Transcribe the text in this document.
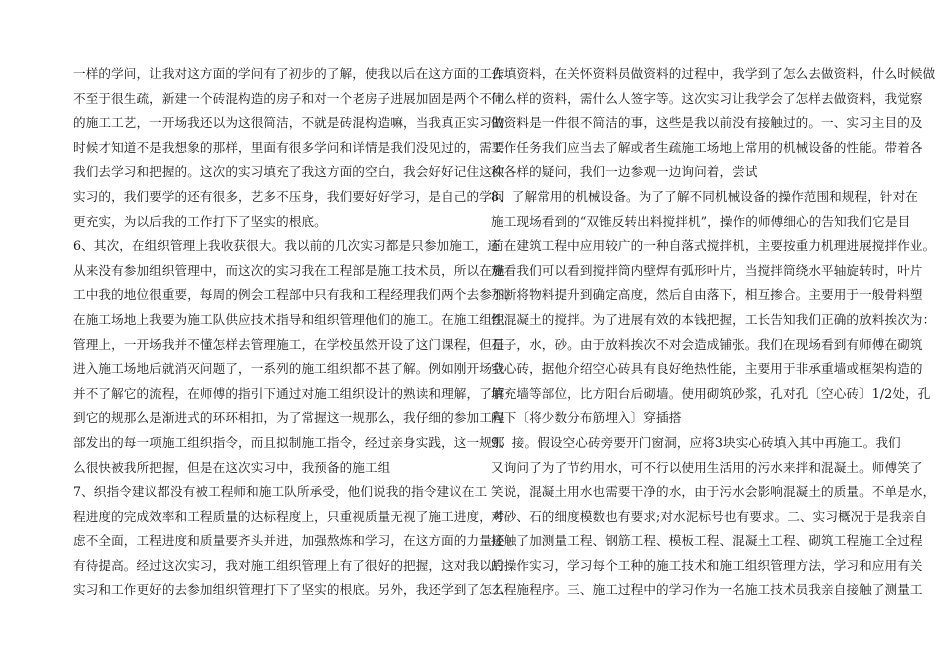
一样的学问，让我对这方面的学问有了初步的了解，使我以后在这方面的工作
不至于很生疏，新建一个砖混构造的房子和对一个老房子进展加固是两个不同
的施工工艺，一开场我还以为这很简洁，不就是砖混构造嘛，当我真正实习的
时候才知道不是我想象的那样，里面有很多学问和详情是我们没见过的，需要
我们去学习和把握的。这次的实习填充了我这方面的空白，我会好好记住这次
实习的，我们要学的还有很多，艺多不压身，我们要好好学习，是自己的学问
更充实，为以后我的工作打下了坚实的根底。
6、其次，在组织管理上我收获很大。我以前的几次实习都是只参加施工，还
从来没有参加组织管理中，而这次的实习我在工程部是施工技术员，所以在施
工中我的地位很重要，每周的例会工程部中只有我和工程经理我们两个去参加，
在施工场地上我要为施工队供应技术指导和组织管理他们的施工。在施工组织
管理上，一开场我并不懂怎样去管理施工，在学校虽然开设了这门课程，但是
进入施工场地后就消灭问题了，一系列的施工组织都不甚了解。例如刚开场我
并不了解它的流程，在师傅的指引下通过对施工组织设计的熟读和理解，了解
到它的规那么是渐进式的环环相扣，为了常握这一规那么，我仔细的参加工程
部发出的每一项施工组织指令，而且拟制施工指令，经过亲身实践，这一规那
么很快被我所把握，但是在这次实习中，我预备的施工组
7、织指令建议都没有被工程师和施工队所承受，他们说我的指令建议在工
程进度的完成效率和工程质量的达标程度上，只重视质量无视了施工进度，考
虑不全面，工程进度和质量要齐头并进，加强熬炼和学习，在这方面的力量还
有待提高。经过这次实习，我对施工组织管理上有了很好的把握，这对我以后
实习和工作更好的去参加组织管理打下了坚实的根底。另外，我还学到了怎么
去填资料，在关怀资料员做资料的过程中，我学到了怎么去做资料，什么时候做
什么样的资料，需什么人签字等。这次实习让我学会了怎样去做资料，我觉察
做资料是一件很不简洁的事，这些是我以前没有接触过的。一、实习主目的及
工作任务我们应当去了解或者生疏施工场地上常用的机械设备的性能。带着各
种各样的疑问，我们一边参观一边询问着，尝试
8、了解常用的机械设备。为了了解不同机械设备的操作范围和规程，针对在
施工现场看到的“双锥反转出料搅拌机”，操作的师傅细心的告知我们它是目
前在建筑工程中应用较广的一种自落式搅拌机，主要按重力机理进展搅拌作业。
观看我们可以看到搅拌筒内壁焊有弧形叶片，当搅拌筒绕水平轴旋转时，叶片
不断将物料提升到确定高度，然后自由落下，相互掺合。主要用于一般骨料塑
性混凝土的搅拌。为了进展有效的本钱把握，工长告知我们正确的放料挨次为：
石子，水，砂。由于放料挨次不对会造成铺张。我们在现场看到有师傅在砌筑
空心砖，据他介绍空心砖具有良好绝热性能，主要用于非承重墙或框架构造的
填充墙等部位，比方阳台后砌墙。使用砌筑砂浆，孔对孔〔空心砖〕1/2处，孔
向下〔将少数分布筋埋入〕穿插搭
9、接。假设空心砖旁要开门窗洞，应将3块实心砖填入其中再施工。我们
又询问了为了节约用水，可不行以使用生活用的污水来拌和混凝土。师傅笑了
笑说，混凝土用水也需要干净的水，由于污水会影响混凝土的质量。不单是水，
对砂、石的细度模数也有要求;对水泥标号也有要求。二、实习概况于是我亲自
接触了加测量工程、钢筋工程、模板工程、混凝土工程、砌筑工程施工全过程
的操作实习，学习每个工种的施工技术和施工组织管理方法，学习和应用有关
工程施程序。三、施工过程中的学习作为一名施工技术员我亲自接触了测量工
